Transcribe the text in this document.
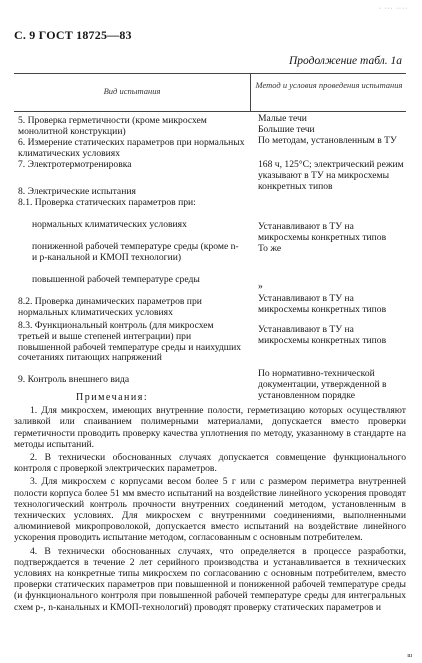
· ··· ····
С. 9 ГОСТ 18725—83
Продолжение табл. 1а
Вид испытания
Метод и условия проведения испытания
5. Проверка герметичности (кроме микросхем монолитной конструкции)
Малые течи
Большие течи
6. Измерение статических параметров при нормальных климатических условиях
По методам, установленным в ТУ
7. Электротермотренировка	168 ч, 125°С; электрический режим указывают в ТУ на микросхемы конкретных типов
8. Электрические испытания
8.1. Проверка статических параметров при:
нормальных климатических условиях	Устанавливают в ТУ на микросхемы конкретных типов
пониженной рабочей температуре среды (кроме n- и p-канальной и КМОП технологии)
То же
повышенной рабочей температуре среды
»
8.2. Проверка динамических параметров при нормальных климатических условиях
Устанавливают в ТУ на микросхемы конкретных типов
8.3. Функциональный контроль (для микросхем третьей и выше степеней интеграции) при повышенной рабочей температуре среды и наихудших сочетаниях питающих напряжений
Устанавливают в ТУ на микросхемы конкретных типов
9. Контроль внешнего вида
По нормативно-технической документации, утвержденной в установленном порядке
Примечания:

1. Для микросхем, имеющих внутренние полости, герметизацию которых осуществляют заливкой или спаиванием полимерными материалами, допускается вместо проверки герметичности проводить проверку качества уплотнения по методу, указанному в стандарте на методы испытаний.

2. В технически обоснованных случаях допускается совмещение функционального контроля с проверкой электрических параметров.

3. Для микросхем с корпусами весом более 5 г или с размером периметра внутренней полости корпуса более 51 мм вместо испытаний на воздействие линейного ускорения проводят технологический контроль прочности внутренних соединений методом, установленным в технических условиях. Для микросхем с внутренними соединениями, выполненными алюминиевой микропроволокой, допускается вместо испытаний на воздействие линейного ускорения проводить испытание методом, согласованным с основным потребителем.

4. В технически обоснованных случаях, что определяется в процессе разработки, подтверждается в течение 2 лет серийного производства и устанавливается в технических условиях на конкретные типы микросхем по согласованию с основным потребителем, вместо проверки статических параметров при повышенной и пониженной рабочей температуре среды (и функционального контроля при повышенной рабочей температуре среды для интегральных схем p-, n-канальных и КМОП-технологий) проводят проверку статических параметров и

ш
